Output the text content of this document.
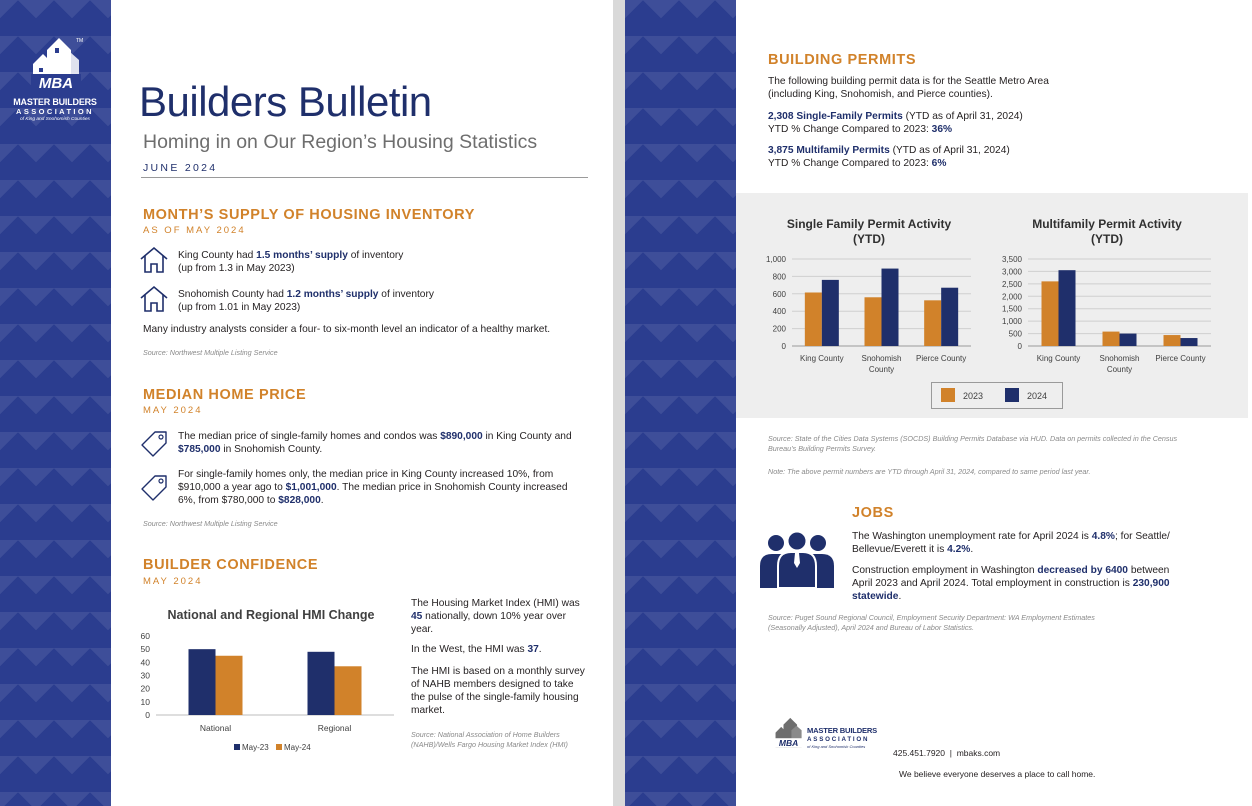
MBA
TM
MASTER BUILDERS
ASSOCIATION
of King and Snohomish Counties Builders Bulletin
Homing in on Our Region’s Housing Statistics
JUNE 2024
MONTH’S SUPPLY OF HOUSING INVENTORY
AS OF MAY 2024
King County had 1.5 months’ supply of inventory
(up from 1.3 in May 2023)
Snohomish County had 1.2 months’ supply of inventory
(up from 1.01 in May 2023)
Many industry analysts consider a four- to six-month level an indicator of a healthy market.
Source: Northwest Multiple Listing Service
MEDIAN HOME PRICE
MAY 2024
The median price of single-family homes and condos was $890,000 in King County and
$785,000 in Snohomish County.
For single-family homes only, the median price in King County increased 10%, from
$910,000 a year ago to $1,001,000. The median price in Snohomish County increased
6%, from $780,000 to $828,000.
Source: Northwest Multiple Listing Service
BUILDER CONFIDENCE
MAY 2024
National and Regional HMI Change
0
10
20
30
40
50
60
National	Regional
May-23 May-24
The Housing Market Index (HMI) was
45 nationally, down 10% year over
year.
In the West, the HMI was 37.
The HMI is based on a monthly survey
of NAHB members designed to take
the pulse of the single-family housing
market.
Source: National Association of Home Builders
(NAHB)/Wells Fargo Housing Market Index (HMI)
BUILDING PERMITS
The following building permit data is for the Seattle Metro Area
(including King, Snohomish, and Pierce counties).
2,308 Single-Family Permits (YTD as of April 31, 2024)
YTD % Change Compared to 2023: 36%
3,875 Multifamily Permits (YTD as of April 31, 2024)
YTD % Change Compared to 2023: 6%
Single Family Permit Activity
(YTD)
0
200
400
600
800
1,000
King County Snohomish County
Pierce County
Multifamily Permit Activity
(YTD)
0
500
1,000
1,500
2,000
2,500
3,000
3,500
King County Snohomish County
Pierce County
2023	2024
Source: State of the Cities Data Systems (SOCDS) Building Permits Database via HUD. Data on permits collected in the Census
Bureau’s Building Permits Survey.
Note: The above permit numbers are YTD through April 31, 2024, compared to same period last year.
JOBS
The Washington unemployment rate for April 2024 is 4.8%; for Seattle/
Bellevue/Everett it is 4.2%.
Construction employment in Washington decreased by 6400 between
April 2023 and April 2024. Total employment in construction is 230,900
statewide.
Source: Puget Sound Regional Council, Employment Security Department: WA Employment Estimates
(Seasonally Adjusted), April 2024 and Bureau of Labor Statistics.
MBA
MASTER BUILDERS
ASSOCIATION
of King and Snohomish Counties
425.451.7920 | mbaks.com
We believe everyone deserves a place to call home.
